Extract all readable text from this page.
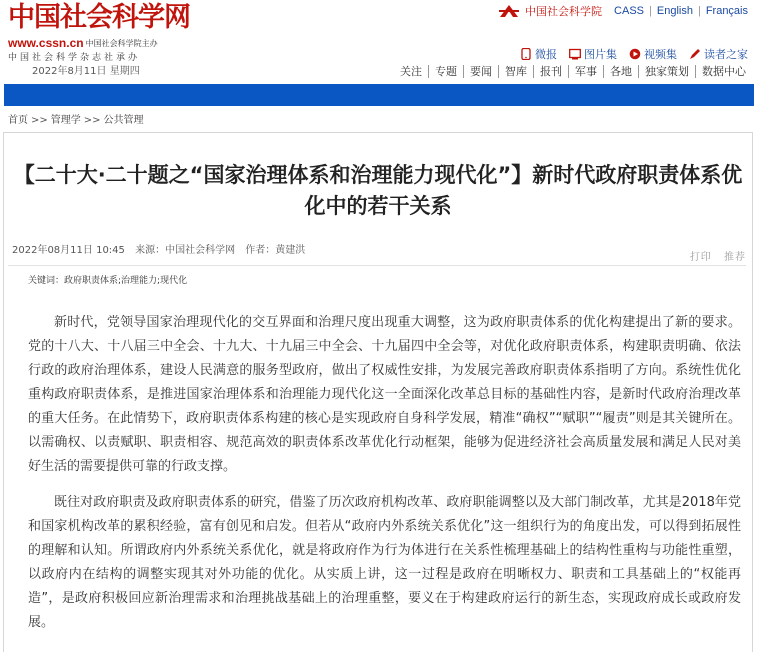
中国社会科学网
www.cssn.cn 中国社会科学院主办
中国社会科学杂志社承办
2022年8月11日 星期四
中国社会科学院 CASS | English | Français
微报 图片集 视频集 读者之家
关注	专题	要闻	智库	报刊	军事	各地	独家策划	数据中心
首页 >> 管理学 >> 公共管理
【二十大·二十题之“国家治理体系和治理能力现代化”】新时代政府职责体系优化中的若干关系
2022年08月11日 10:45 来源：中国社会科学网 作者：黄建洪
打印 推荐
关键词：政府职责体系;治理能力;现代化

新时代，党领导国家治理现代化的交互界面和治理尺度出现重大调整，这为政府职责体系的优化构建提出了新的要求。党的十八大、十八届三中全会、十九大、十九届三中全会、十九届四中全会等，对优化政府职责体系，构建职责明确、依法行政的政府治理体系，建设人民满意的服务型政府，做出了权威性安排，为发展完善政府职责体系指明了方向。系统性优化重构政府职责体系，是推进国家治理体系和治理能力现代化这一全面深化改革总目标的基础性内容，是新时代政府治理改革的重大任务。在此情势下，政府职责体系构建的核心是实现政府自身科学发展，精准“确权”“赋职”“履责”则是其关键所在。以需确权、以责赋职、职责相容、规范高效的职责体系改革优化行动框架，能够为促进经济社会高质量发展和满足人民对美好生活的需要提供可靠的行政支撑。

既往对政府职责及政府职责体系的研究，借鉴了历次政府机构改革、政府职能调整以及大部门制改革，尤其是2018年党和国家机构改革的累积经验，富有创见和启发。但若从“政府内外系统关系优化”这一组织行为的角度出发，可以得到拓展性的理解和认知。所谓政府内外系统关系优化，就是将政府作为行为体进行在关系性梳理基础上的结构性重构与功能性重塑，以政府内在结构的调整实现其对外功能的优化。从实质上讲，这一过程是政府在明晰权力、职责和工具基础上的“权能再造”，是政府积极回应新治理需求和治理挑战基础上的治理重整，要义在于构建政府运行的新生态，实现政府成长或政府发展。
